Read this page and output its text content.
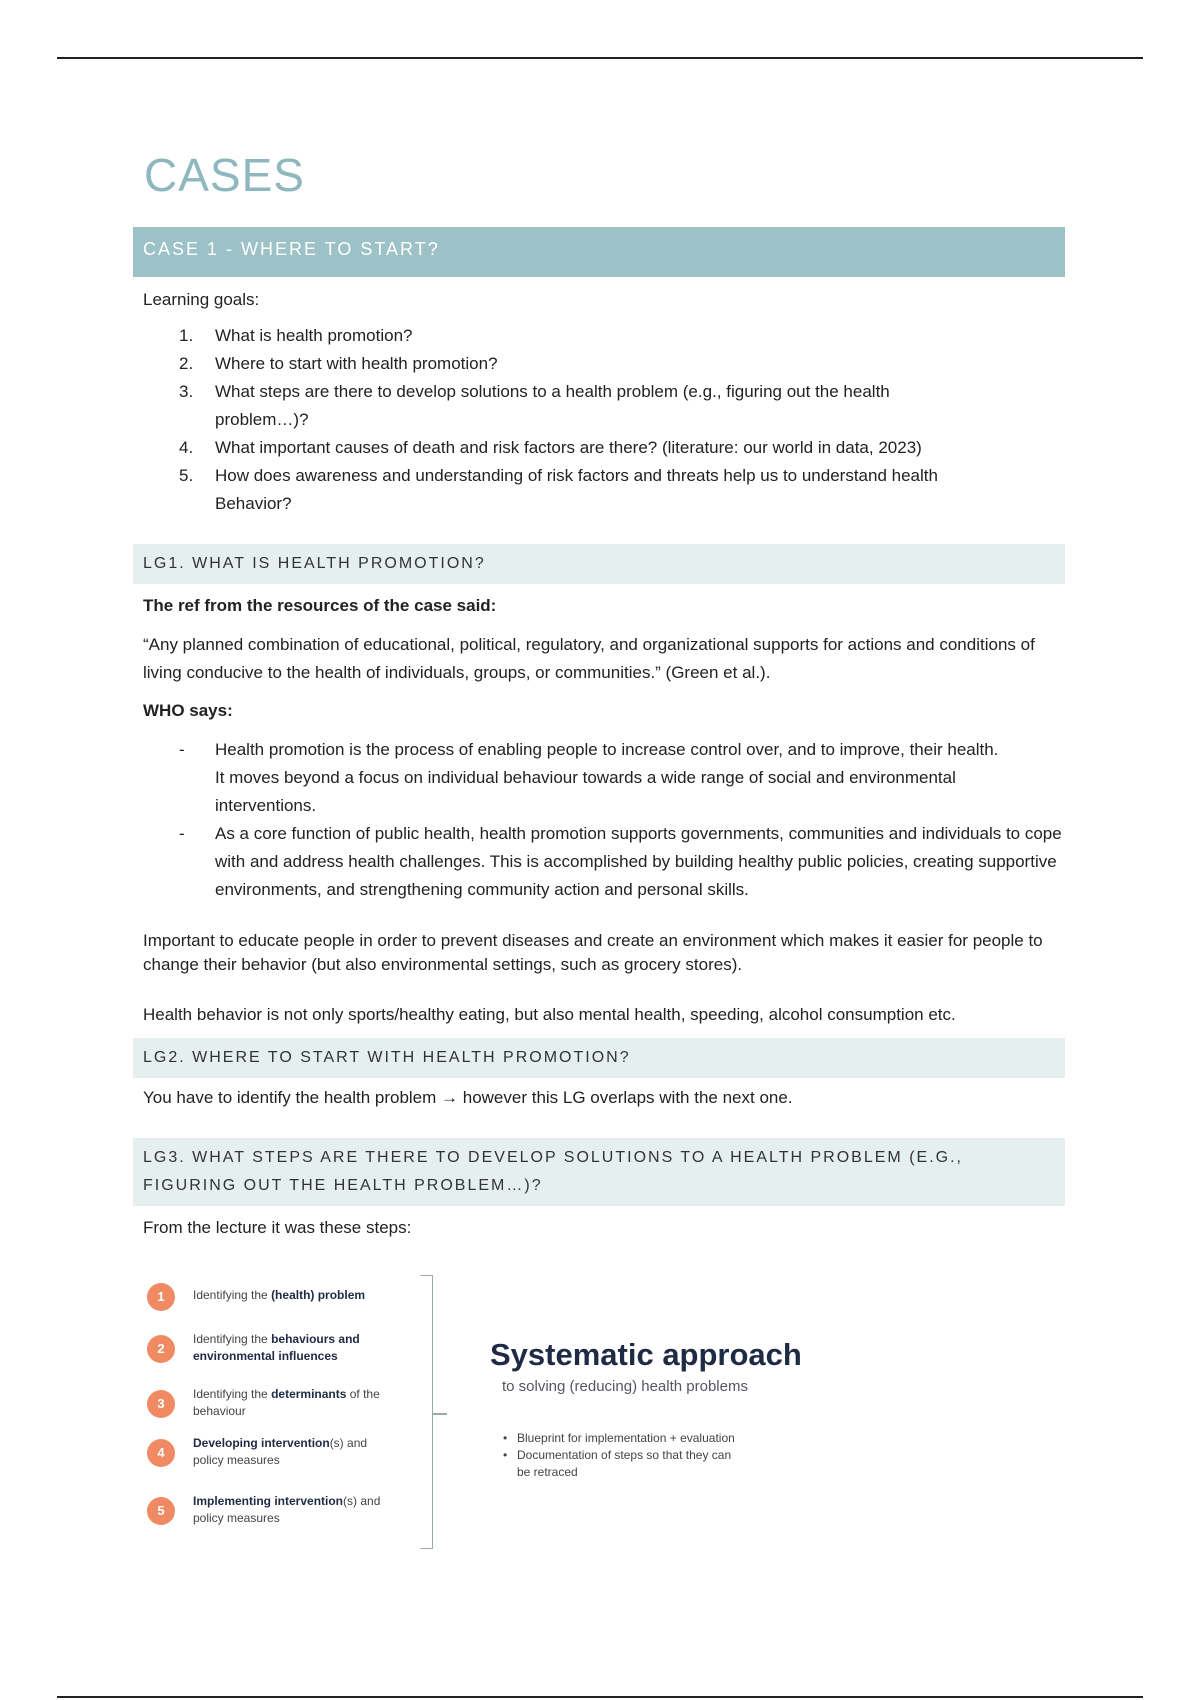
CASES
CASE 1 - WHERE TO START?
Learning goals:
1. What is health promotion?
2. Where to start with health promotion?
3. What steps are there to develop solutions to a health problem (e.g., figuring out the health problem…)?
4. What important causes of death and risk factors are there? (literature: our world in data, 2023)
5. How does awareness and understanding of risk factors and threats help us to understand health Behavior?
LG1. WHAT IS HEALTH PROMOTION?
The ref from the resources of the case said:

“Any planned combination of educational, political, regulatory, and organizational supports for actions and conditions of living conducive to the health of individuals, groups, or communities.” (Green et al.).

WHO says:
- Health promotion is the process of enabling people to increase control over, and to improve, their health. It moves beyond a focus on individual behaviour towards a wide range of social and environmental interventions.
- As a core function of public health, health promotion supports governments, communities and individuals to cope with and address health challenges. This is accomplished by building healthy public policies, creating supportive environments, and strengthening community action and personal skills.

Important to educate people in order to prevent diseases and create an environment which makes it easier for people to change their behavior (but also environmental settings, such as grocery stores).

Health behavior is not only sports/healthy eating, but also mental health, speeding, alcohol consumption etc.

LG2. WHERE TO START WITH HEALTH PROMOTION?
You have to identify the health problem → however this LG overlaps with the next one.
LG3. WHAT STEPS ARE THERE TO DEVELOP SOLUTIONS TO A HEALTH PROBLEM (E.G., FIGURING OUT THE HEALTH PROBLEM…)?
From the lecture it was these steps:
1	Identifying the (health) problem
2
Identifying the behaviours and environmental influences
3
Identifying the determinants of the behaviour
4
Developing intervention(s) and policy measures
5
Implementing intervention(s) and policy measures
Systematic approach
to solving (reducing) health problems
• Blueprint for implementation + evaluation
• Documentation of steps so that they can be retraced
